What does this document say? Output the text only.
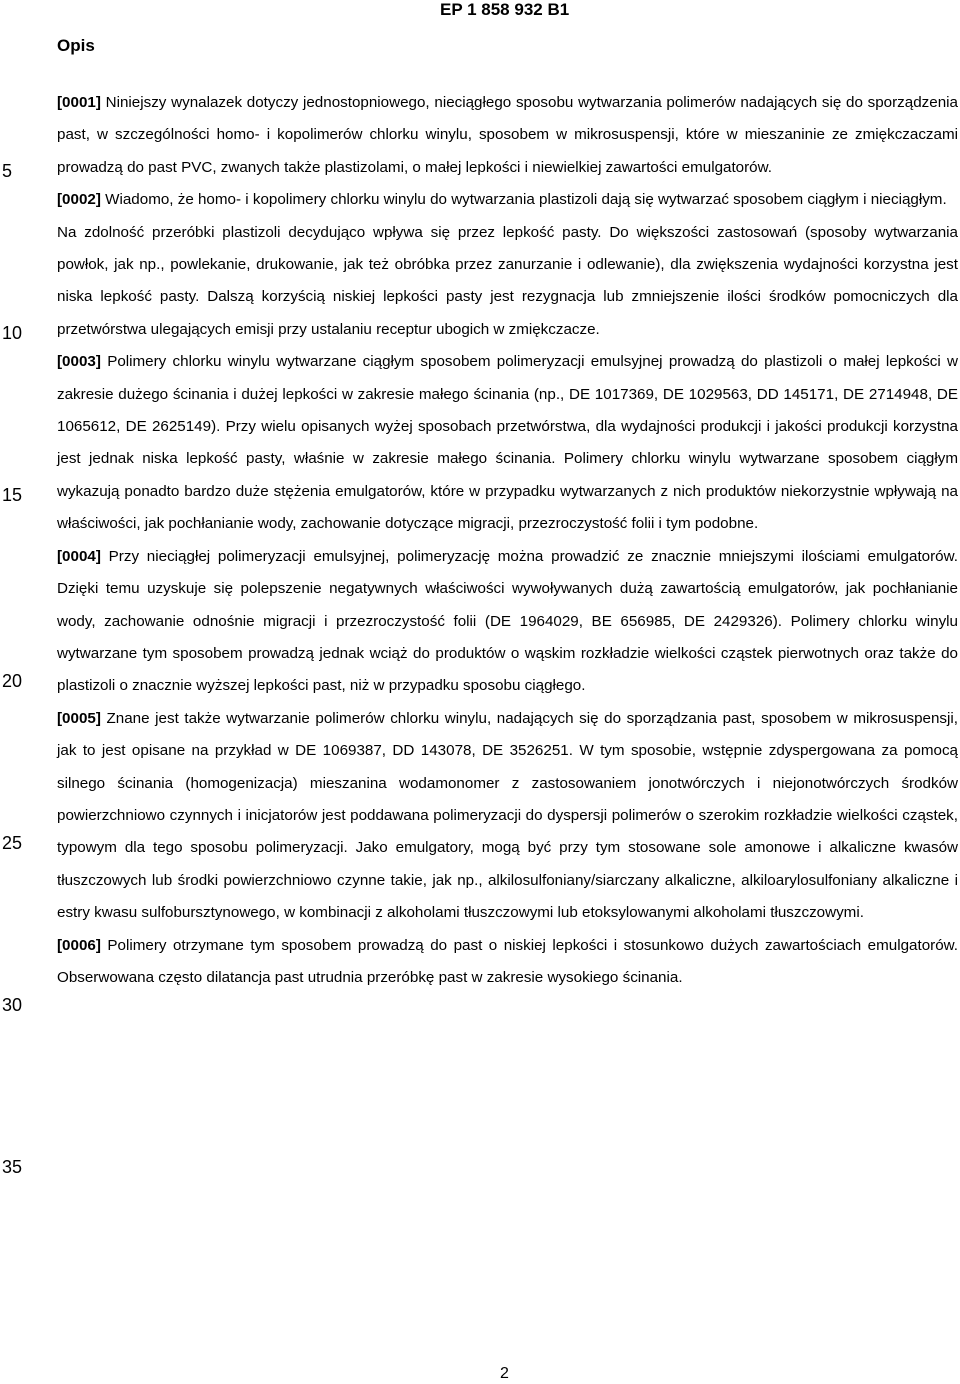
EP 1 858 932 B1
Opis
5
10
15
20
25
30
35

[0001] Niniejszy wynalazek dotyczy jednostopniowego, nieciągłego sposobu wytwarzania polimerów nadających się do sporządzenia past, w szczególności homo- i kopolimerów chlorku winylu, sposobem w mikrosuspensji, które w mieszaninie ze zmiękczaczami prowadzą do past PVC, zwanych także plastizolami, o małej lepkości i niewielkiej zawartości emulgatorów.

[0002] Wiadomo, że homo- i kopolimery chlorku winylu do wytwarzania plastizoli dają się wytwarzać sposobem ciągłym i nieciągłym.

Na zdolność przeróbki plastizoli decydująco wpływa się przez lepkość pasty. Do większości zastosowań (sposoby wytwarzania powłok, jak np., powlekanie, drukowanie, jak też obróbka przez zanurzanie i odlewanie), dla zwiększenia wydajności korzystna jest niska lepkość pasty. Dalszą korzyścią niskiej lepkości pasty jest rezygnacja lub zmniejszenie ilości środków pomocniczych dla przetwórstwa ulegających emisji przy ustalaniu receptur ubogich w zmiękczacze.

[0003] Polimery chlorku winylu wytwarzane ciągłym sposobem polimeryzacji emulsyjnej prowadzą do plastizoli o małej lepkości w zakresie dużego ścinania i dużej lepkości w zakresie małego ścinania (np., DE 1017369, DE 1029563, DD 145171, DE 2714948, DE 1065612, DE 2625149). Przy wielu opisanych wyżej sposobach przetwórstwa, dla wydajności produkcji i jakości produkcji korzystna jest jednak niska lepkość pasty, właśnie w zakresie małego ścinania. Polimery chlorku winylu wytwarzane sposobem ciągłym wykazują ponadto bardzo duże stężenia emulgatorów, które w przypadku wytwarzanych z nich produktów niekorzystnie wpływają na właściwości, jak pochłanianie wody, zachowanie dotyczące migracji, przezroczystość folii i tym podobne.

[0004] Przy nieciągłej polimeryzacji emulsyjnej, polimeryzację można prowadzić ze znacznie mniejszymi ilościami emulgatorów. Dzięki temu uzyskuje się polepszenie negatywnych właściwości wywoływanych dużą zawartością emulgatorów, jak pochłanianie wody, zachowanie odnośnie migracji i przezroczystość folii (DE 1964029, BE 656985, DE 2429326). Polimery chlorku winylu wytwarzane tym sposobem prowadzą jednak wciąż do produktów o wąskim rozkładzie wielkości cząstek pierwotnych oraz także do plastizoli o znacznie wyższej lepkości past, niż w przypadku sposobu ciągłego.

[0005] Znane jest także wytwarzanie polimerów chlorku winylu, nadających się do sporządzania past, sposobem w mikrosuspensji, jak to jest opisane na przykład w DE 1069387, DD 143078, DE 3526251. W tym sposobie, wstępnie zdyspergowana za pomocą silnego ścinania (homogenizacja) mieszanina wodamonomer z zastosowaniem jonotwórczych i niejonotwórczych środków powierzchniowo czynnych i inicjatorów jest poddawana polimeryzacji do dyspersji polimerów o szerokim rozkładzie wielkości cząstek, typowym dla tego sposobu polimeryzacji. Jako emulgatory, mogą być przy tym stosowane sole amonowe i alkaliczne kwasów tłuszczowych lub środki powierzchniowo czynne takie, jak np., alkilosulfoniany/siarczany alkaliczne, alkiloarylosulfoniany alkaliczne i estry kwasu sulfobursztynowego, w kombinacji z alkoholami tłuszczowymi lub etoksylowanymi alkoholami tłuszczowymi.

[0006] Polimery otrzymane tym sposobem prowadzą do past o niskiej lepkości i stosunkowo dużych zawartościach emulgatorów. Obserwowana często dilatancja past utrudnia przeróbkę past w zakresie wysokiego ścinania.

2
